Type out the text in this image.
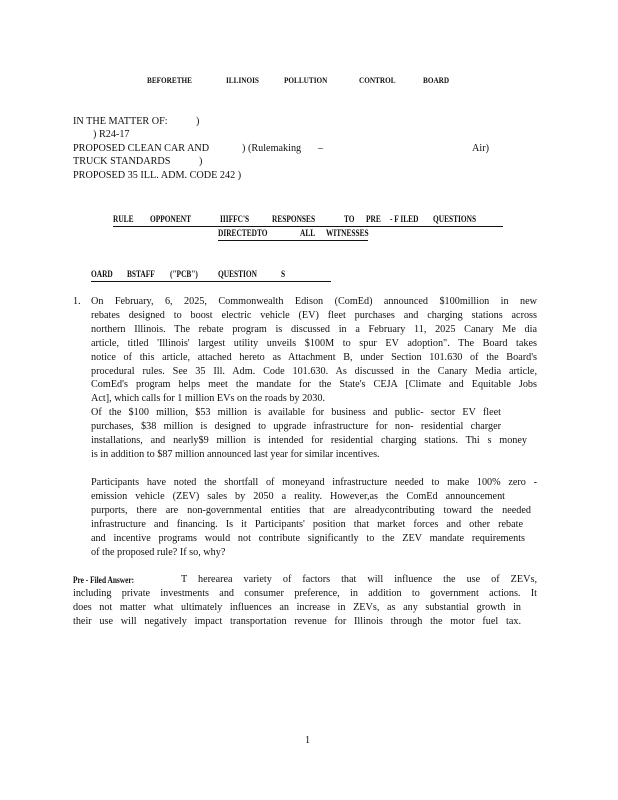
BEFORETHE	ILLINOIS	POLLUTION	CONTROL	BOARD
IN THE MATTER OF:	)
) R24-17
PROPOSED CLEAN CAR AND	) (Rulemaking –	Air)
TRUCK STANDARDS	)
PROPOSED 35 ILL. ADM. CODE 242 )
RULE OPPONENT	IIIFFC'S	RESPONSES	TO PRE - F ILED QUESTIONS
DIRECTEDTO	ALL WITNESSES
OARD BSTAFF ("PCB") QUESTION	S
1. On February, 6, 2025, Commonwealth Edison (ComEd) announced $100million in new
rebates designed to boost electric vehicle (EV) fleet purchases and charging stations across
northern Illinois. The rebate program is discussed in a February 11, 2025 Canary Me dia
article, titled 'Illinois' largest utility unveils $100M to spur EV adoption". The Board takes
notice of this article, attached hereto as Attachment B, under Section 101.630 of the Board's
procedural rules. See 35 Ill. Adm. Code 101.630. As discussed in the Canary Media article,
ComEd's program helps meet the mandate for the State's CEJA [Climate and Equitable Jobs
Act], which calls for 1 million EVs on the roads by 2030.
Of the $100 million, $53 million is available for business and public- sector EV fleet
purchases, $38 million is designed to upgrade infrastructure for non- residential charger
installations, and nearly$9 million is intended for residential charging stations. Thi s money
is in addition to $87 million announced last year for similar incentives.
Participants have noted the shortfall of moneyand infrastructure needed to make 100% zero -
emission vehicle (ZEV) sales by 2050 a reality. However,as the ComEd announcement
purports, there are non-governmental entities that are alreadycontributing toward the needed
infrastructure and financing. Is it Participants' position that market forces and other rebate
and incentive programs would not contribute significantly to the ZEV mandate requirements
of the proposed rule? If so, why?
Pre - Filed Answer:	T herearea variety of factors that will influence the use of ZEVs,
including private investments and consumer preference, in addition to government actions. It
does not matter what ultimately influences an increase in ZEVs, as any substantial growth in
their use will negatively impact transportation revenue for Illinois through the motor fuel tax.
1
